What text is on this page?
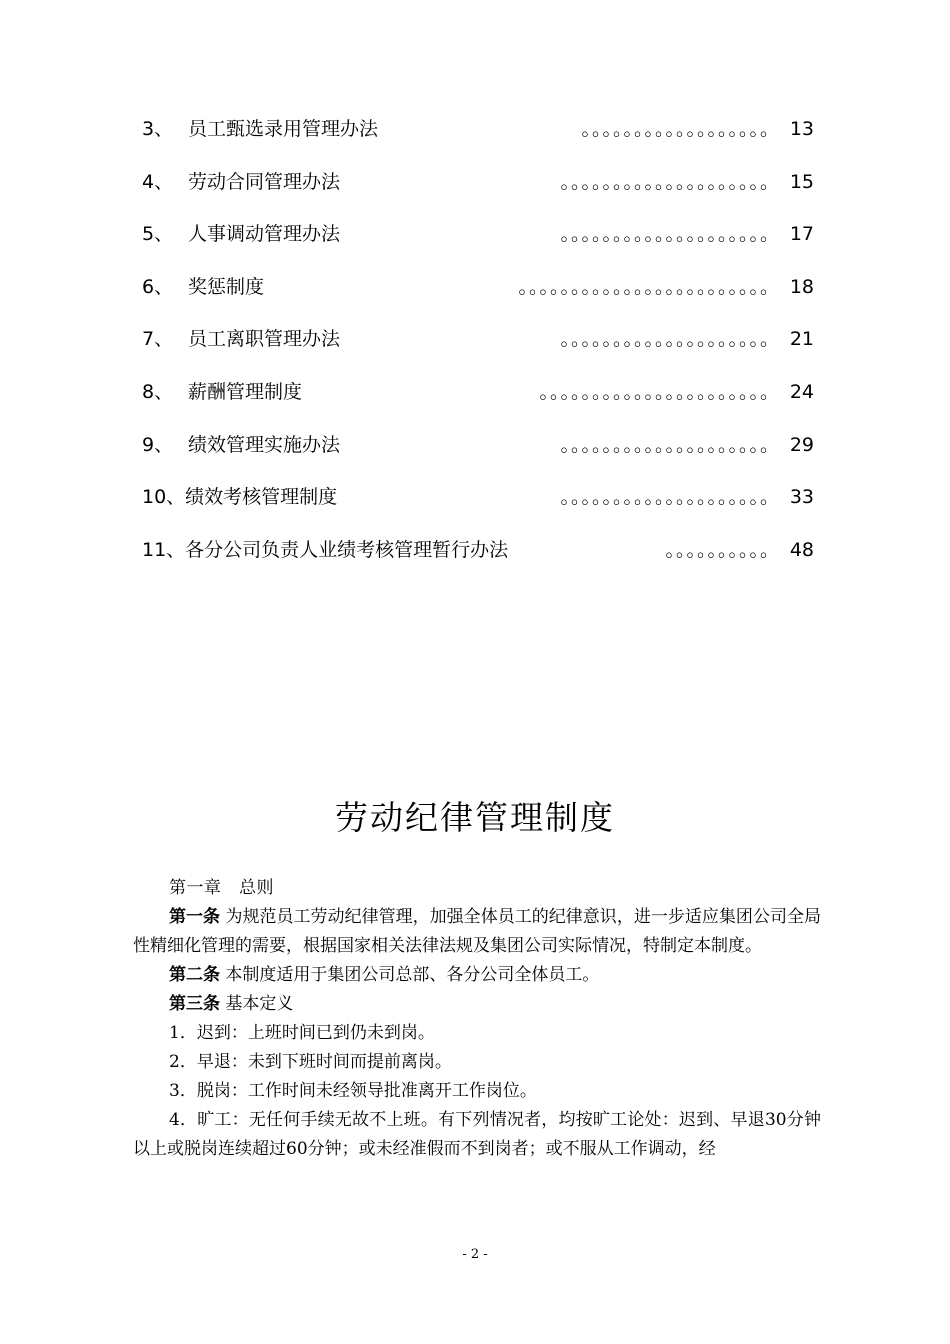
3、 员工甄选录用管理办法	。。。。。。。。。。。。。。。。。。 13
4、 劳动合同管理办法	。。。。。。。。。。。。。。。。。。。。 15
5、 人事调动管理办法	。。。。。。。。。。。。。。。。。。。。 17
6、 奖惩制度	。。。。。。。。。。。。。。。。。。。。。。。。 18
7、 员工离职管理办法	。。。。。。。。。。。。。。。。。。。。 21
8、 薪酬管理制度	。。。。。。。。。。。。。。。。。。。。。。 24
9、 绩效管理实施办法	。。。。。。。。。。。。。。。。。。。。 29
10、绩效考核管理制度	。。。。。。。。。。。。。。。。。。。。 33
11、各分公司负责人业绩考核管理暂行办法	。。。。。。。。。。 48
劳动纪律管理制度

第一章　总则

第一条 为规范员工劳动纪律管理，加强全体员工的纪律意识，进一步适应集团公司全局性精细化管理的需要，根据国家相关法律法规及集团公司实际情况，特制定本制度。

第二条 本制度适用于集团公司总部、各分公司全体员工。

第三条 基本定义

1．迟到：上班时间已到仍未到岗。

2．早退：未到下班时间而提前离岗。

3．脱岗：工作时间未经领导批准离开工作岗位。

4．旷工：无任何手续无故不上班。有下列情况者，均按旷工论处：迟到、早退30分钟以上或脱岗连续超过60分钟；或未经准假而不到岗者；或不服从工作调动，经

- 2 -
